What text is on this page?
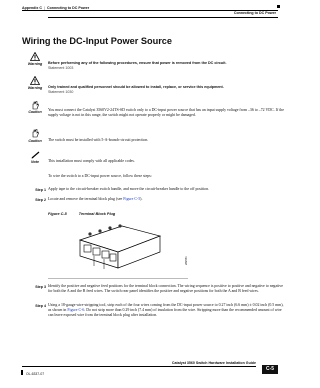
Appendix C | Connecting to DC Power
Connecting to DC Power
Wiring the DC-Input Power Source
Warning	Before performing any of the following procedures, ensure that power is removed from the DC circuit.
Statement 1003
Warning	Only trained and qualified personnel should be allowed to install, replace, or service this equipment.
Statement 1030
Caution	You must connect the Catalyst 3560V2-24TS-SD switch only to a DC-input power source that has an input supply voltage from –36 to –72 VDC. If the supply voltage is not in this range, the switch might not operate properly or might be damaged.
Caution	The switch must be installed with 5-A-branch-circuit protection.
Note	This installation must comply with all applicable codes.
To wire the switch to a DC-input power source, follow these steps:
Step 1 Apply tape to the circuit-breaker switch handle, and move the circuit-breaker handle to the off position.
Step 2 Locate and remove the terminal block plug (see Figure C-5).
Figure C-5	Terminal Block Plug
282551
Step 3 Identify the positive and negative feed positions for the terminal block connection. The wiring sequence is positive to positive and negative to negative for both the A and the B feed wires. The switch rear panel identifies the positive and negative positions for both the A and B feed wires.
Step 4 Using a 18-gauge wire-stripping tool, strip each of the four wires coming from the DC-input power source to 0.27 inch (6.6 mm) ± 0.02 inch (0.5 mm), as shown in Figure C-6. Do not strip more than 0.29 inch (7.4 mm) of insulation from the wire. Stripping more than the recommended amount of wire can leave exposed wire from the terminal block plug after installation.
Catalyst 3560 Switch Hardware Installation Guide
OL-6337-07
C-5
